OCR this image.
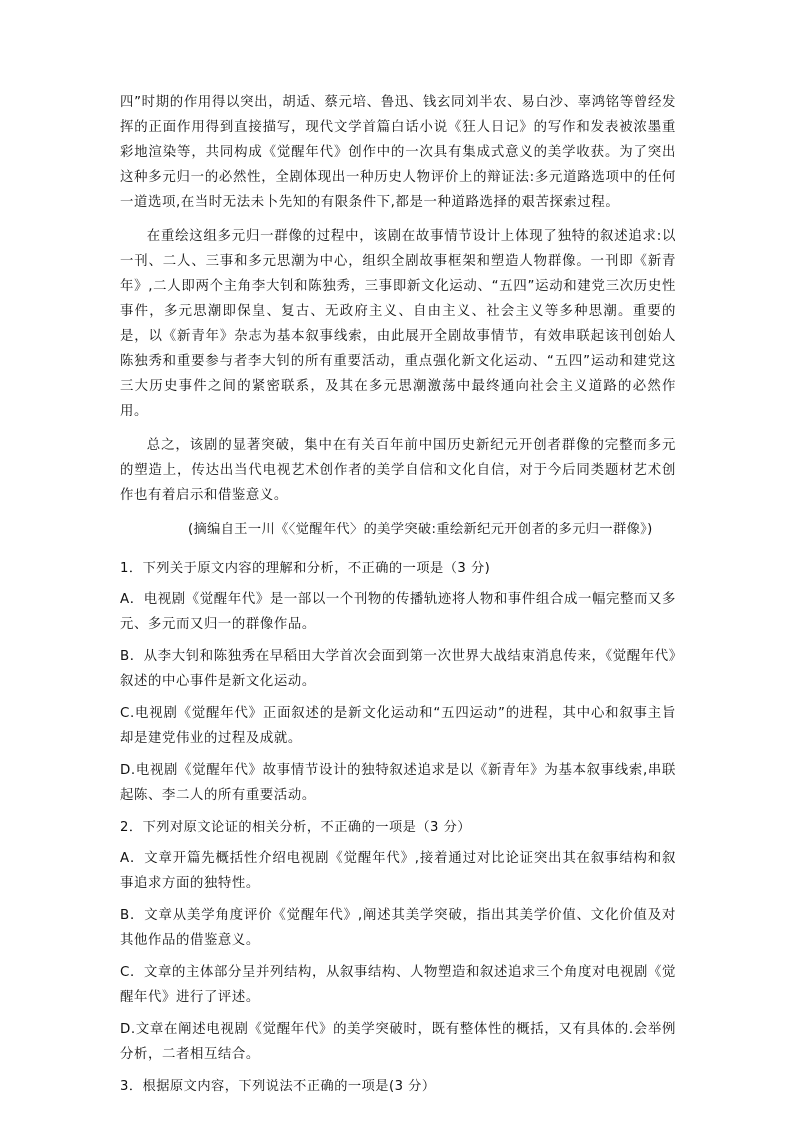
四”时期的作用得以突出，胡适、蔡元培、鲁迅、钱玄同刘半农、易白沙、辜鸿铭等曾经发挥的正面作用得到直接描写，现代文学首篇白话小说《狂人日记》的写作和发表被浓墨重彩地渲染等，共同构成《觉醒年代》创作中的一次具有集成式意义的美学收获。为了突出这种多元归一的必然性，全剧体现出一种历史人物评价上的辩证法:多元道路选项中的任何一道选项,在当时无法未卜先知的有限条件下,都是一种道路选择的艰苦探索过程。

在重绘这组多元归一群像的过程中，该剧在故事情节设计上体现了独特的叙述追求:以一刊、二人、三事和多元思潮为中心，组织全剧故事框架和塑造人物群像。一刊即《新青年》,二人即两个主角李大钊和陈独秀，三事即新文化运动、“五四”运动和建党三次历史性事件，多元思潮即保皇、复古、无政府主义、自由主义、社会主义等多种思潮。重要的是，以《新青年》杂志为基本叙事线索，由此展开全剧故事情节，有效串联起该刊创始人陈独秀和重要参与者李大钊的所有重要活动，重点强化新文化运动、“五四”运动和建党这三大历史事件之间的紧密联系，及其在多元思潮激荡中最终通向社会主义道路的必然作用。

总之，该剧的显著突破，集中在有关百年前中国历史新纪元开创者群像的完整而多元的塑造上，传达出当代电视艺术创作者的美学自信和文化自信，对于今后同类题材艺术创作也有着启示和借鉴意义。

(摘编自王一川《〈觉醒年代〉的美学突破:重绘新纪元开创者的多元归一群像》)

1．下列关于原文内容的理解和分析，不正确的一项是（3 分)

A．电视剧《觉醒年代》是一部以一个刊物的传播轨迹将人物和事件组合成一幅完整而又多元、多元而又归一的群像作品。

B．从李大钊和陈独秀在早稻田大学首次会面到第一次世界大战结束消息传来，《觉醒年代》叙述的中心事件是新文化运动。

C.电视剧《觉醒年代》正面叙述的是新文化运动和“五四运动”的进程，其中心和叙事主旨却是建党伟业的过程及成就。

D.电视剧《觉醒年代》故事情节设计的独特叙述追求是以《新青年》为基本叙事线索,串联起陈、李二人的所有重要活动。

2．下列对原文论证的相关分析，不正确的一项是（3 分）

A．文章开篇先概括性介绍电视剧《觉醒年代》,接着通过对比论证突出其在叙事结构和叙事追求方面的独特性。

B．文章从美学角度评价《觉醒年代》,阐述其美学突破，指出其美学价值、文化价值及对其他作品的借鉴意义。

C．文章的主体部分呈并列结构，从叙事结构、人物塑造和叙述追求三个角度对电视剧《觉醒年代》进行了评述。

D.文章在阐述电视剧《觉醒年代》的美学突破时，既有整体性的概括，又有具体的.会举例分析，二者相互结合。

3．根据原文内容，下列说法不正确的一项是(3 分）
